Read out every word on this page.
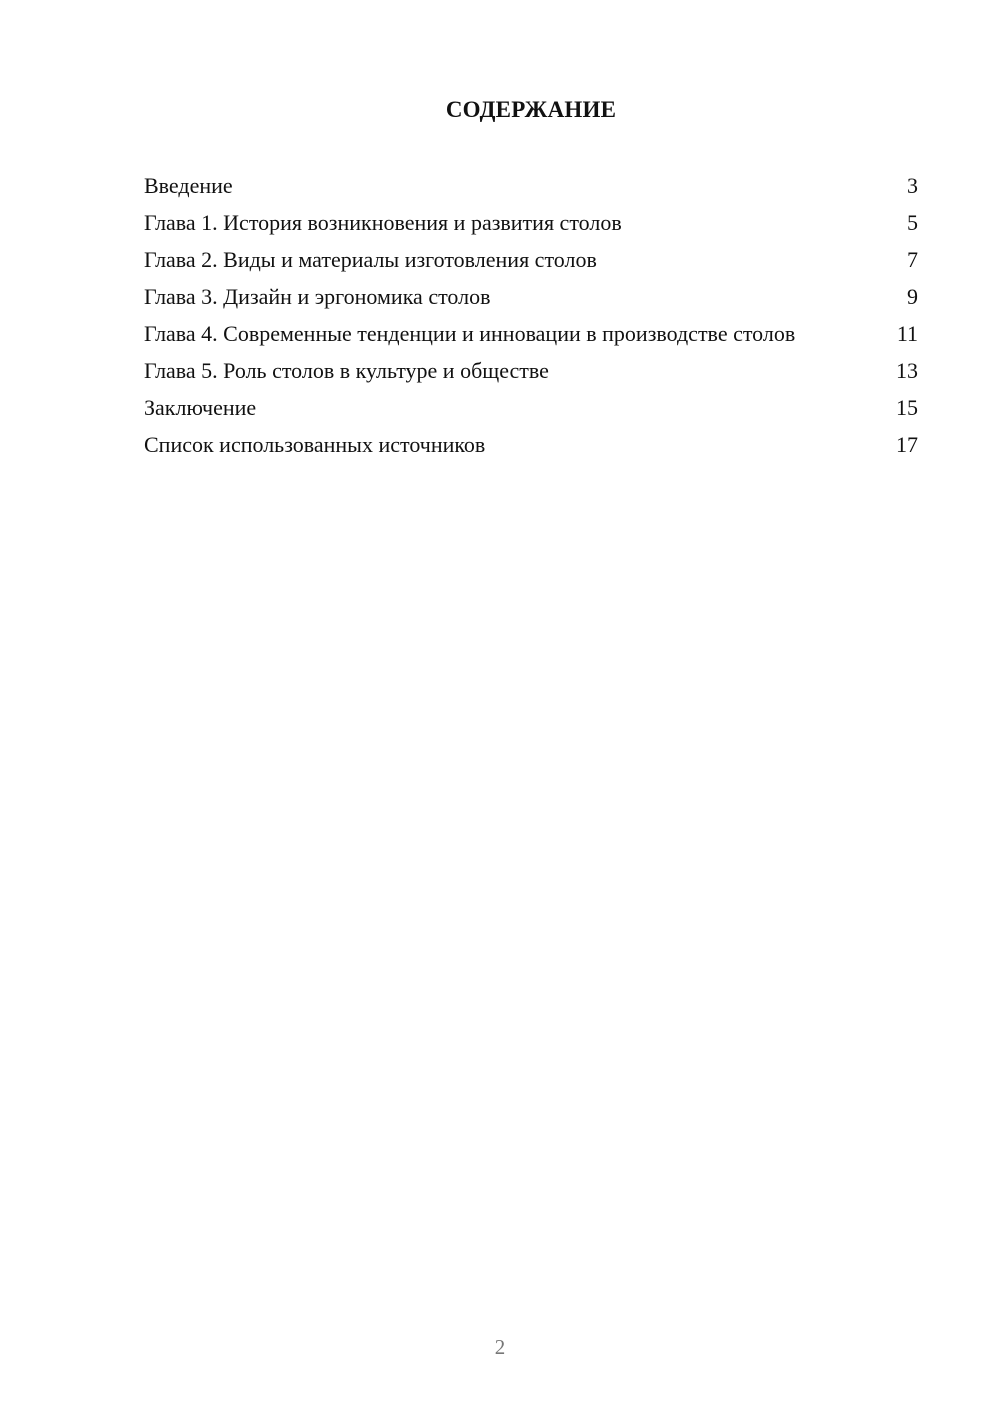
СОДЕРЖАНИЕ
Введение	3
Глава 1. История возникновения и развития столов	5
Глава 2. Виды и материалы изготовления столов	7
Глава 3. Дизайн и эргономика столов	9
Глава 4. Современные тенденции и инновации в производстве столов	11
Глава 5. Роль столов в культуре и обществе	13
Заключение	15
Список использованных источников	17
2
